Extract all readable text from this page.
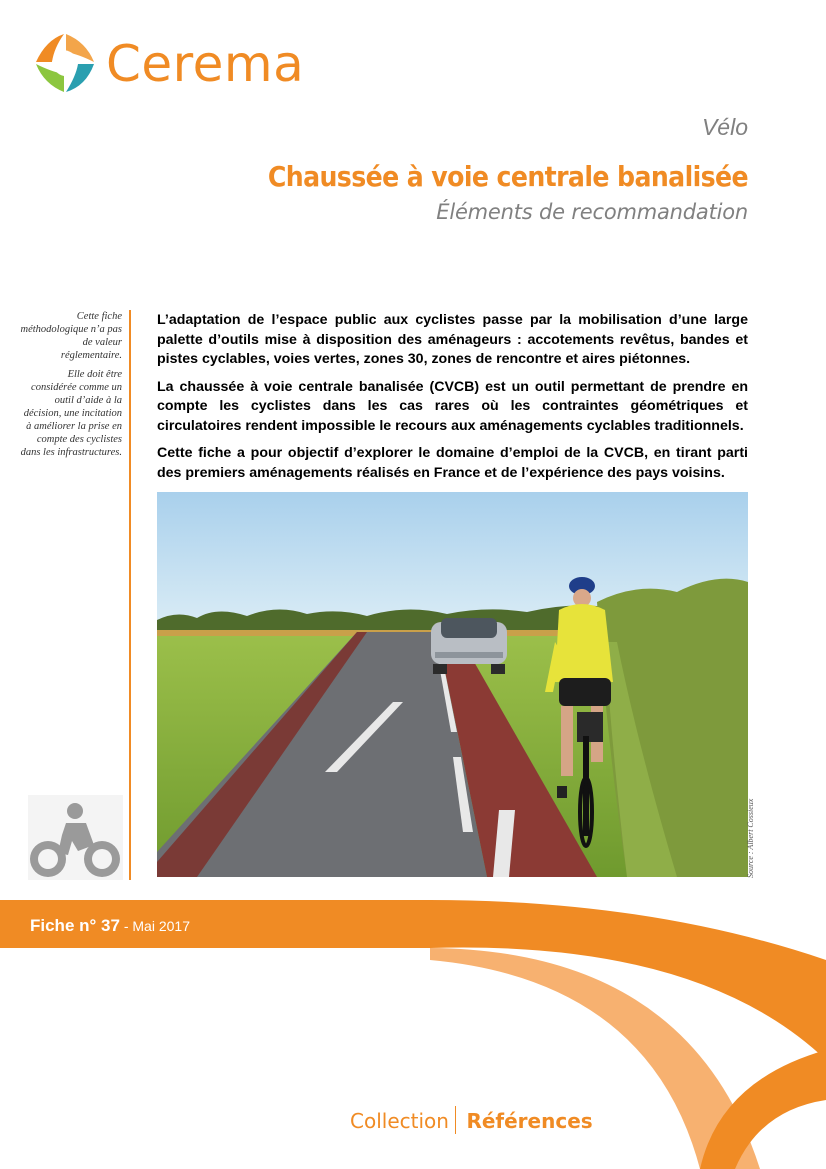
Cerema
Vélo
Chaussée à voie centrale banalisée
Éléments de recommandation

Cette fiche méthodologique n’a pas de valeur réglementaire.

Elle doit être considérée comme un outil d’aide à la décision, une incitation à améliorer la prise en compte des cyclistes dans les infrastructures.

L’adaptation de l’espace public aux cyclistes passe par la mobilisation d’une large palette d’outils mise à disposition des aménageurs : accotements revêtus, bandes et pistes cyclables, voies vertes, zones 30, zones de rencontre et aires piétonnes.

La chaussée à voie centrale banalisée (CVCB) est un outil permettant de prendre en compte les cyclistes dans les cas rares où les contraintes géométriques et circulatoires rendent impossible le recours aux aménagements cyclables traditionnels.

Cette fiche a pour objectif d’explorer le domaine d’emploi de la CVCB, en tirant parti des premiers aménagements réalisés en France et de l’expérience des pays voisins.

Source : Albert Cossieux
Fiche n° 37 - Mai 2017
Collection Références
